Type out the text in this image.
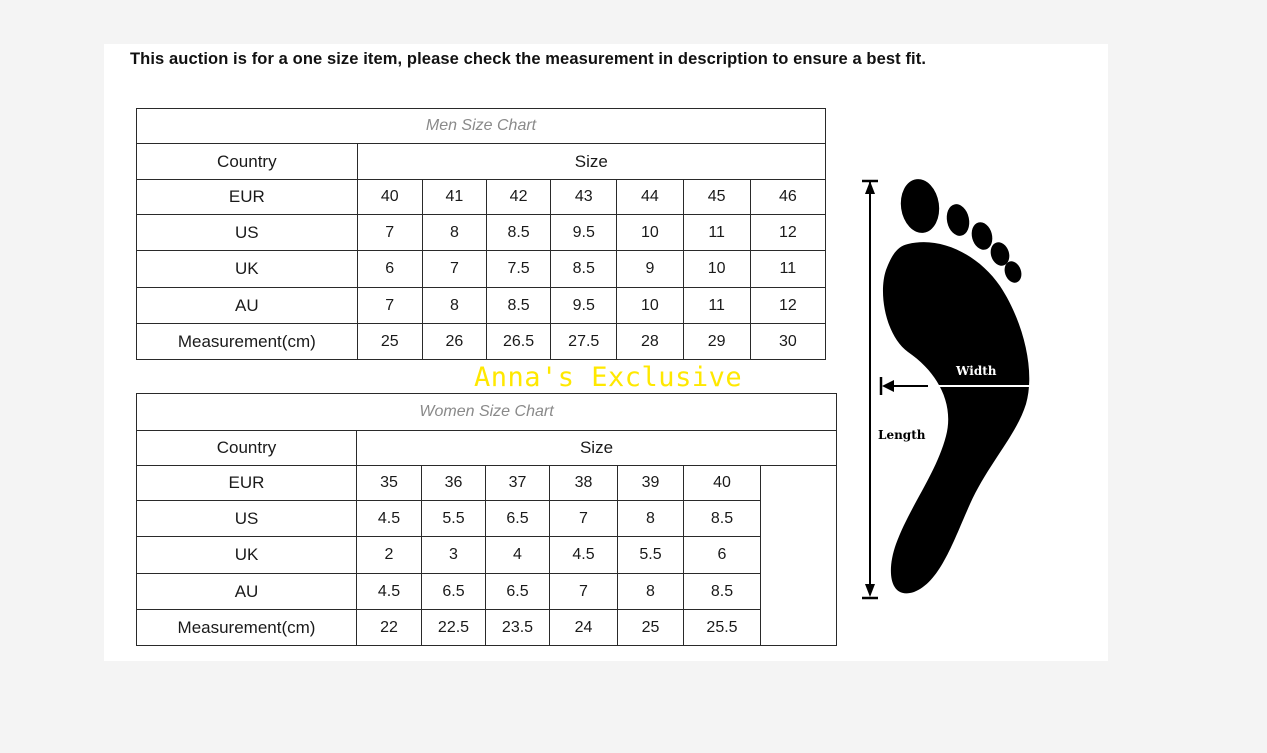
This auction is for a one size item, please check the measurement in description to ensure a best fit.
Men Size Chart							
Country	Size						
EUR	40	41	42	43	44	45	46
US	7	8	8.5	9.5	10	11	12
UK	6	7	7.5	8.5	9	10	11
AU	7	8	8.5	9.5	10	11	12
Measurement(cm)	25	26	26.5	27.5	28	29	30
Anna's Exclusive
Women Size Chart							
Country	Size						
EUR	35	36	37	38	39	40	
US	4.5	5.5	6.5	7	8	8.5	
UK	2	3	4	4.5	5.5	6	
AU	4.5	6.5	6.5	7	8	8.5	
Measurement(cm)	22	22.5	23.5	24	25	25.5	
Width
Length
